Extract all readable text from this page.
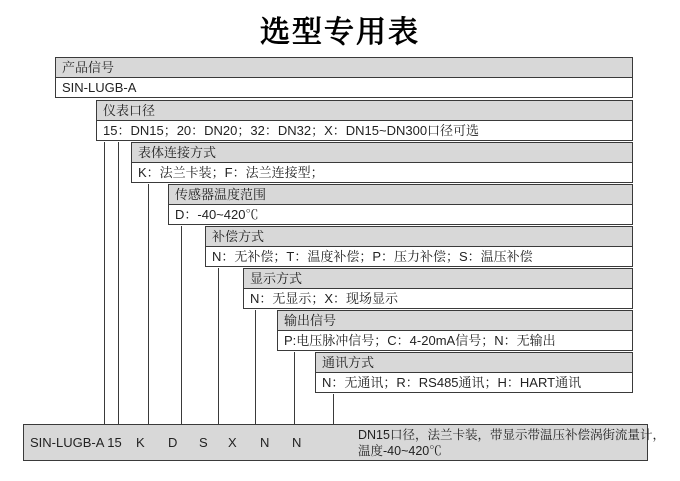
选型专用表
产品信号
SIN-LUGB-A
仪表口径
15：DN15；20：DN20；32：DN32；X：DN15~DN300口径可选
表体连接方式
K：法兰卡装；F：法兰连接型；
传感器温度范围
D：-40~420℃
补偿方式
N：无补偿；T：温度补偿；P：压力补偿；S：温压补偿
显示方式
N：无显示；X：现场显示
输出信号
P:电压脉冲信号；C：4-20mA信号；N：无输出
通讯方式
N：无通讯；R：RS485通讯；H：HART通讯
SIN-LUGB-A 15 K D S X N N	DN15口径，法兰卡装，带显示带温压补偿涡街流量计，
温度-40~420℃
